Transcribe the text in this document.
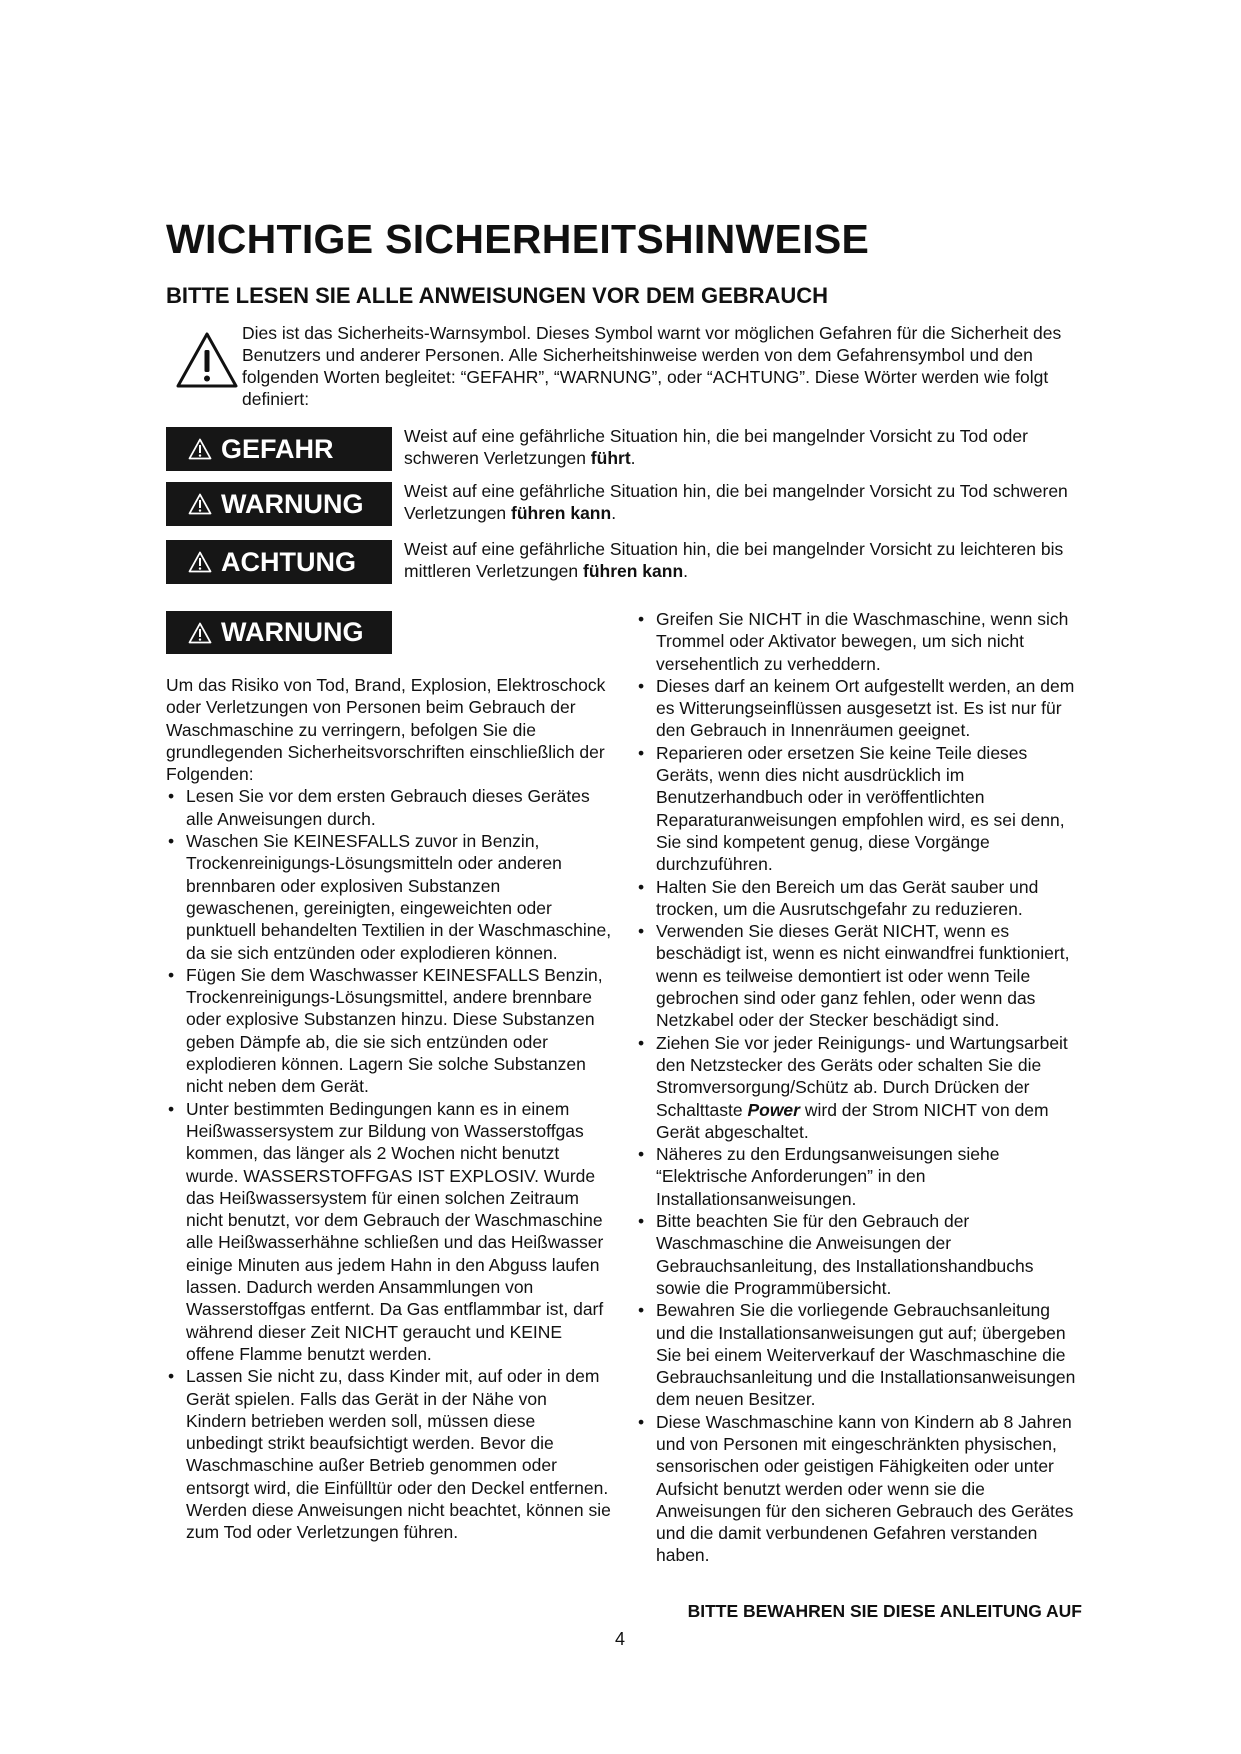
WICHTIGE SICHERHEITSHINWEISE
BITTE LESEN SIE ALLE ANWEISUNGEN VOR DEM GEBRAUCH

Dies ist das Sicherheits-Warnsymbol. Dieses Symbol warnt vor möglichen Gefahren für die Sicherheit des Benutzers und anderer Personen. Alle Sicherheitshinweise werden von dem Gefahrensymbol und den folgenden Worten begleitet: “GEFAHR”, “WARNUNG”, oder “ACHTUNG”. Diese Wörter werden wie folgt definiert:

GEFAHR	Weist auf eine gefährliche Situation hin, die bei mangelnder Vorsicht zu Tod oder schweren Verletzungen führt.

WARNUNG Weist auf eine gefährliche Situation hin, die bei mangelnder Vorsicht zu Tod schweren Verletzungen führen kann.

ACHTUNG	Weist auf eine gefährliche Situation hin, die bei mangelnder Vorsicht zu leichteren bis mittleren Verletzungen führen kann.

WARNUNG

Um das Risiko von Tod, Brand, Explosion, Elektroschock oder Verletzungen von Personen beim Gebrauch der Waschmaschine zu verringern, befolgen Sie die grundlegenden Sicherheitsvorschriften einschließlich der Folgenden:

• Lesen Sie vor dem ersten Gebrauch dieses Gerätes alle Anweisungen durch.
• Waschen Sie KEINESFALLS zuvor in Benzin, Trockenreinigungs-Lösungsmitteln oder anderen brennbaren oder explosiven Substanzen gewaschenen, gereinigten, eingeweichten oder punktuell behandelten Textilien in der Waschmaschine, da sie sich entzünden oder explodieren können.
• Fügen Sie dem Waschwasser KEINESFALLS Benzin, Trockenreinigungs-Lösungsmittel, andere brennbare oder explosive Substanzen hinzu. Diese Substanzen geben Dämpfe ab, die sie sich entzünden oder explodieren können. Lagern Sie solche Substanzen nicht neben dem Gerät.
• Unter bestimmten Bedingungen kann es in einem Heißwassersystem zur Bildung von Wasserstoffgas kommen, das länger als 2 Wochen nicht benutzt wurde. WASSERSTOFFGAS IST EXPLOSIV. Wurde das Heißwassersystem für einen solchen Zeitraum nicht benutzt, vor dem Gebrauch der Waschmaschine alle Heißwasserhähne schließen und das Heißwasser einige Minuten aus jedem Hahn in den Abguss laufen lassen. Dadurch werden Ansammlungen von Wasserstoffgas entfernt. Da Gas entflammbar ist, darf während dieser Zeit NICHT geraucht und KEINE offene Flamme benutzt werden.
• Lassen Sie nicht zu, dass Kinder mit, auf oder in dem Gerät spielen. Falls das Gerät in der Nähe von Kindern betrieben werden soll, müssen diese unbedingt strikt beaufsichtigt werden. Bevor die Waschmaschine außer Betrieb genommen oder entsorgt wird, die Einfülltür oder den Deckel entfernen. Werden diese Anweisungen nicht beachtet, können sie zum Tod oder Verletzungen führen.
• Greifen Sie NICHT in die Waschmaschine, wenn sich Trommel oder Aktivator bewegen, um sich nicht versehentlich zu verheddern.
• Dieses darf an keinem Ort aufgestellt werden, an dem es Witterungseinflüssen ausgesetzt ist. Es ist nur für den Gebrauch in Innenräumen geeignet.
• Reparieren oder ersetzen Sie keine Teile dieses Geräts, wenn dies nicht ausdrücklich im Benutzerhandbuch oder in veröffentlichten Reparaturanweisungen empfohlen wird, es sei denn, Sie sind kompetent genug, diese Vorgänge durchzuführen.
• Halten Sie den Bereich um das Gerät sauber und trocken, um die Ausrutschgefahr zu reduzieren.
• Verwenden Sie dieses Gerät NICHT, wenn es beschädigt ist, wenn es nicht einwandfrei funktioniert, wenn es teilweise demontiert ist oder wenn Teile gebrochen sind oder ganz fehlen, oder wenn das Netzkabel oder der Stecker beschädigt sind.
• Ziehen Sie vor jeder Reinigungs- und Wartungsarbeit den Netzstecker des Geräts oder schalten Sie die Stromversorgung/Schütz ab. Durch Drücken der Schalttaste Power wird der Strom NICHT von dem Gerät abgeschaltet.
• Näheres zu den Erdungsanweisungen siehe “Elektrische Anforderungen” in den Installationsanweisungen.
• Bitte beachten Sie für den Gebrauch der Waschmaschine die Anweisungen der Gebrauchsanleitung, des Installationshandbuchs sowie die Programmübersicht.
• Bewahren Sie die vorliegende Gebrauchsanleitung und die Installationsanweisungen gut auf; übergeben Sie bei einem Weiterverkauf der Waschmaschine die Gebrauchsanleitung und die Installationsanweisungen dem neuen Besitzer.
• Diese Waschmaschine kann von Kindern ab 8 Jahren und von Personen mit eingeschränkten physischen, sensorischen oder geistigen Fähigkeiten oder unter Aufsicht benutzt werden oder wenn sie die Anweisungen für den sicheren Gebrauch des Gerätes und die damit verbundenen Gefahren verstanden haben.

BITTE BEWAHREN SIE DIESE ANLEITUNG AUF

4
